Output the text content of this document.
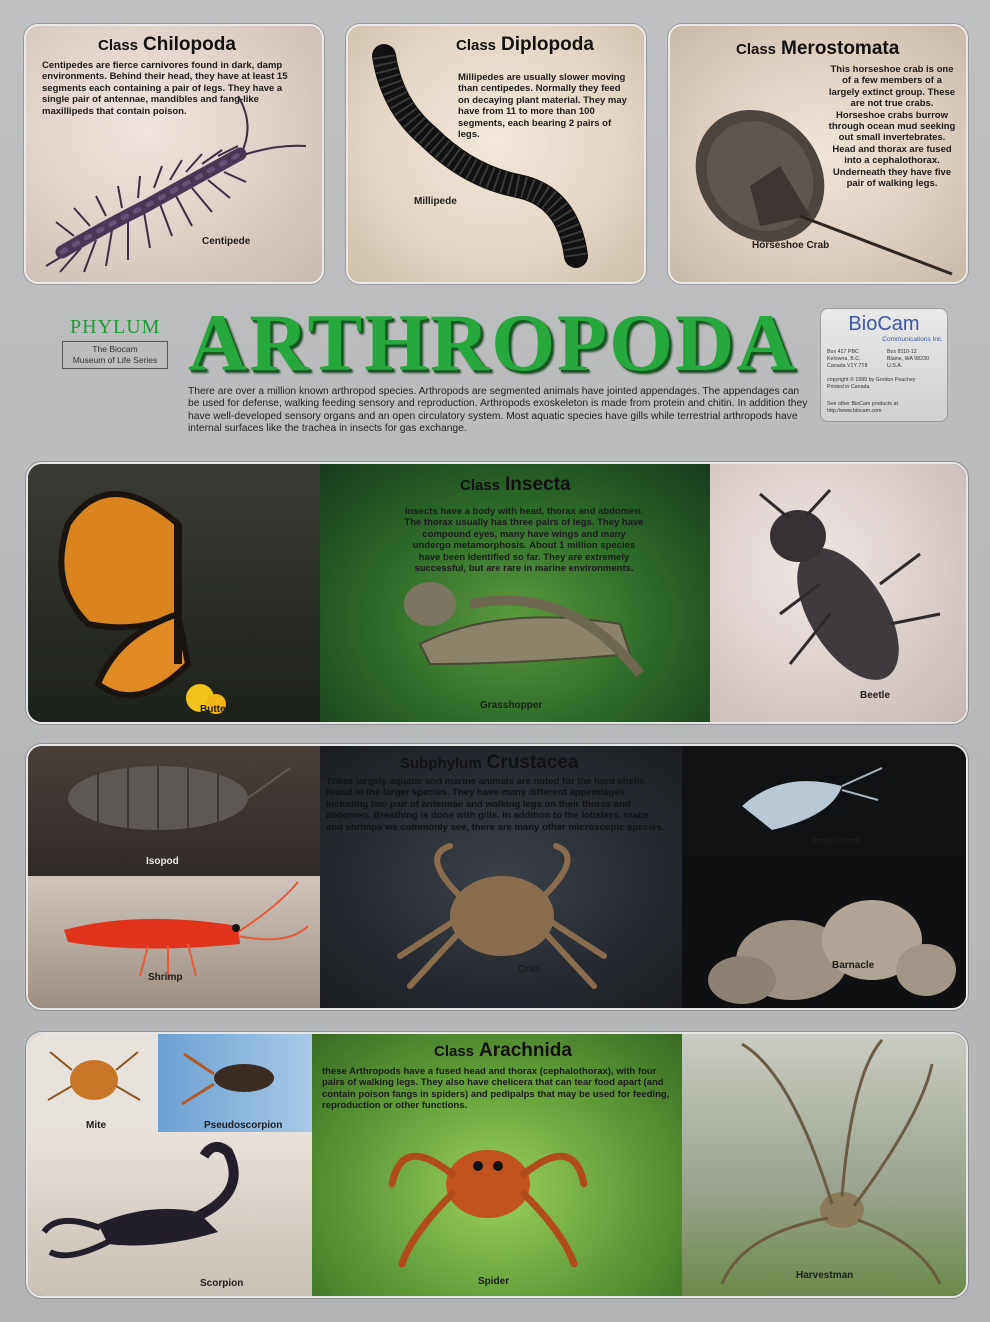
Class Chilopoda
Centipedes are fierce carnivores found in dark, damp environments. Behind their head, they have at least 15 segments each containing a pair of legs. They have a single pair of antennae, mandibles and fang-like maxillipeds that contain poison.
Centipede
Class Diplopoda
Millipedes are usually slower moving than centipedes. Normally they feed on decaying plant material. They may have from 11 to more than 100 segments, each bearing 2 pairs of legs.
Millipede
Class Merostomata
This horseshoe crab is one of a few members of a largely extinct group. These are not true crabs. Horseshoe crabs burrow through ocean mud seeking out small invertebrates. Head and thorax are fused into a cephalothorax. Underneath they have five pair of walking legs.
Horseshoe Crab
PHYLUM
The Biocam
Museum of Life Series ARTHROPODA
There are over a million known arthropod species. Arthropods are segmented animals have jointed appendages. The appendages can be used for defense, walking feeding sensory and reproduction. Arthropods exoskeleton is made from protein and chitin. In addition they have well-developed sensory organs and an open circulatory system. Most aquatic species have gills while terrestrial arthropods have internal surfaces like the trachea in insects for gas exchange.
BioCam
Communications Inc.
Box 417 PBC
Kelowna, B.C.
Canada V1Y 7T8
Box 8110-12
Blaine, WA 98230
U.S.A.
copyright © 1999 by Gordon Peachey
Printed in Canada
See other BioCam products at
http://www.biocam.com
Butterfly
Class Insecta
Insects have a body with head, thorax and abdomen. The thorax usually has three pairs of legs. They have compound eyes, many have wings and many undergo metamorphosis. About 1 million species have been identified so far. They are extremely successful, but are rare in marine environments.
Grasshopper
Beetle
Isopod
Shrimp
Subphylum Crustacea
These largely aquatic and marine animals are noted for the hard shells found in the larger species. They have many different appendages including two pair of antennae and walking legs on their thorax and abdomen. Breathing is done with gills. In addition to the lobsters, crabs and shrimps we commonly see, there are many other microscopic species.
Crab
Amphipod
Barnacle
Mite	Pseudoscorpion
Scorpion
Class Arachnida
these Arthropods have a fused head and thorax (cephalothorax), with four pairs of walking legs. They also have chelicera that can tear food apart (and contain poison fangs in spiders) and pedipalps that may be used for feeding, reproduction or other functions.
Spider
Harvestman
